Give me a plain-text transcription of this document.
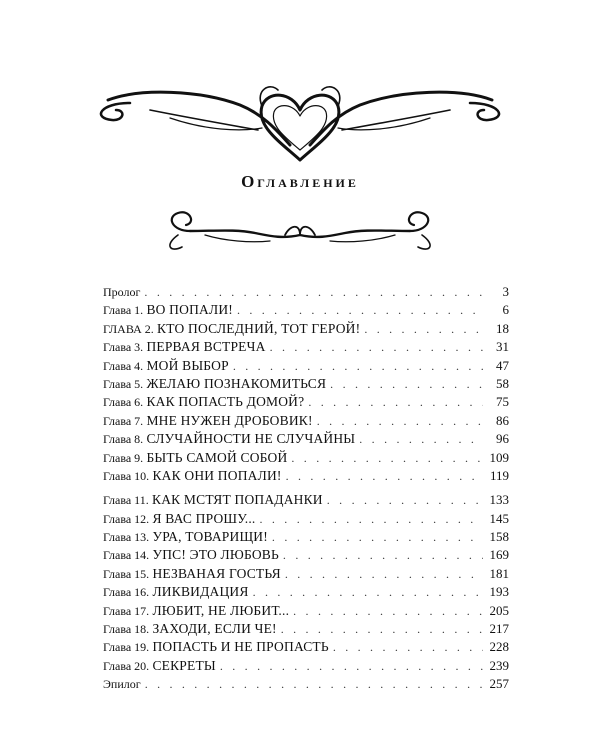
Оглавление
Пролог . . .	3
Глава 1. ВО ПОПАЛИ! . . .	6
ГЛАВА 2. КТО ПОСЛЕДНИЙ, ТОТ ГЕРОЙ! . . .	18
Глава 3. ПЕРВАЯ ВСТРЕЧА . . .	31
Глава 4. МОЙ ВЫБОР . . .	47
Глава 5. ЖЕЛАЮ ПОЗНАКОМИТЬСЯ . . .	58
Глава 6. КАК ПОПАСТЬ ДОМОЙ? . . .	75
Глава 7. МНЕ НУЖЕН ДРОБОВИК! . . .	86
Глава 8. СЛУЧАЙНОСТИ НЕ СЛУЧАЙНЫ . . .	96
Глава 9. БЫТЬ САМОЙ СОБОЙ . . .	109
Глава 10. КАК ОНИ ПОПАЛИ! . . .	119
Глава 11. КАК МСТЯТ ПОПАДАНКИ . . .	133
Глава 12. Я ВАС ПРОШУ... . . .	145
Глава 13. УРА, ТОВАРИЩИ! . . .	158
Глава 14. УПС! ЭТО ЛЮБОВЬ . . .	169
Глава 15. НЕЗВАНАЯ ГОСТЬЯ . . .	181
Глава 16. ЛИКВИДАЦИЯ . . .	193
Глава 17. ЛЮБИТ, НЕ ЛЮБИТ... . . .	205
Глава 18. ЗАХОДИ, ЕСЛИ ЧЕ! . . .	217
Глава 19. ПОПАСТЬ И НЕ ПРОПАСТЬ . . .	228
Глава 20. СЕКРЕТЫ . . .	239
Эпилог . . .	257
